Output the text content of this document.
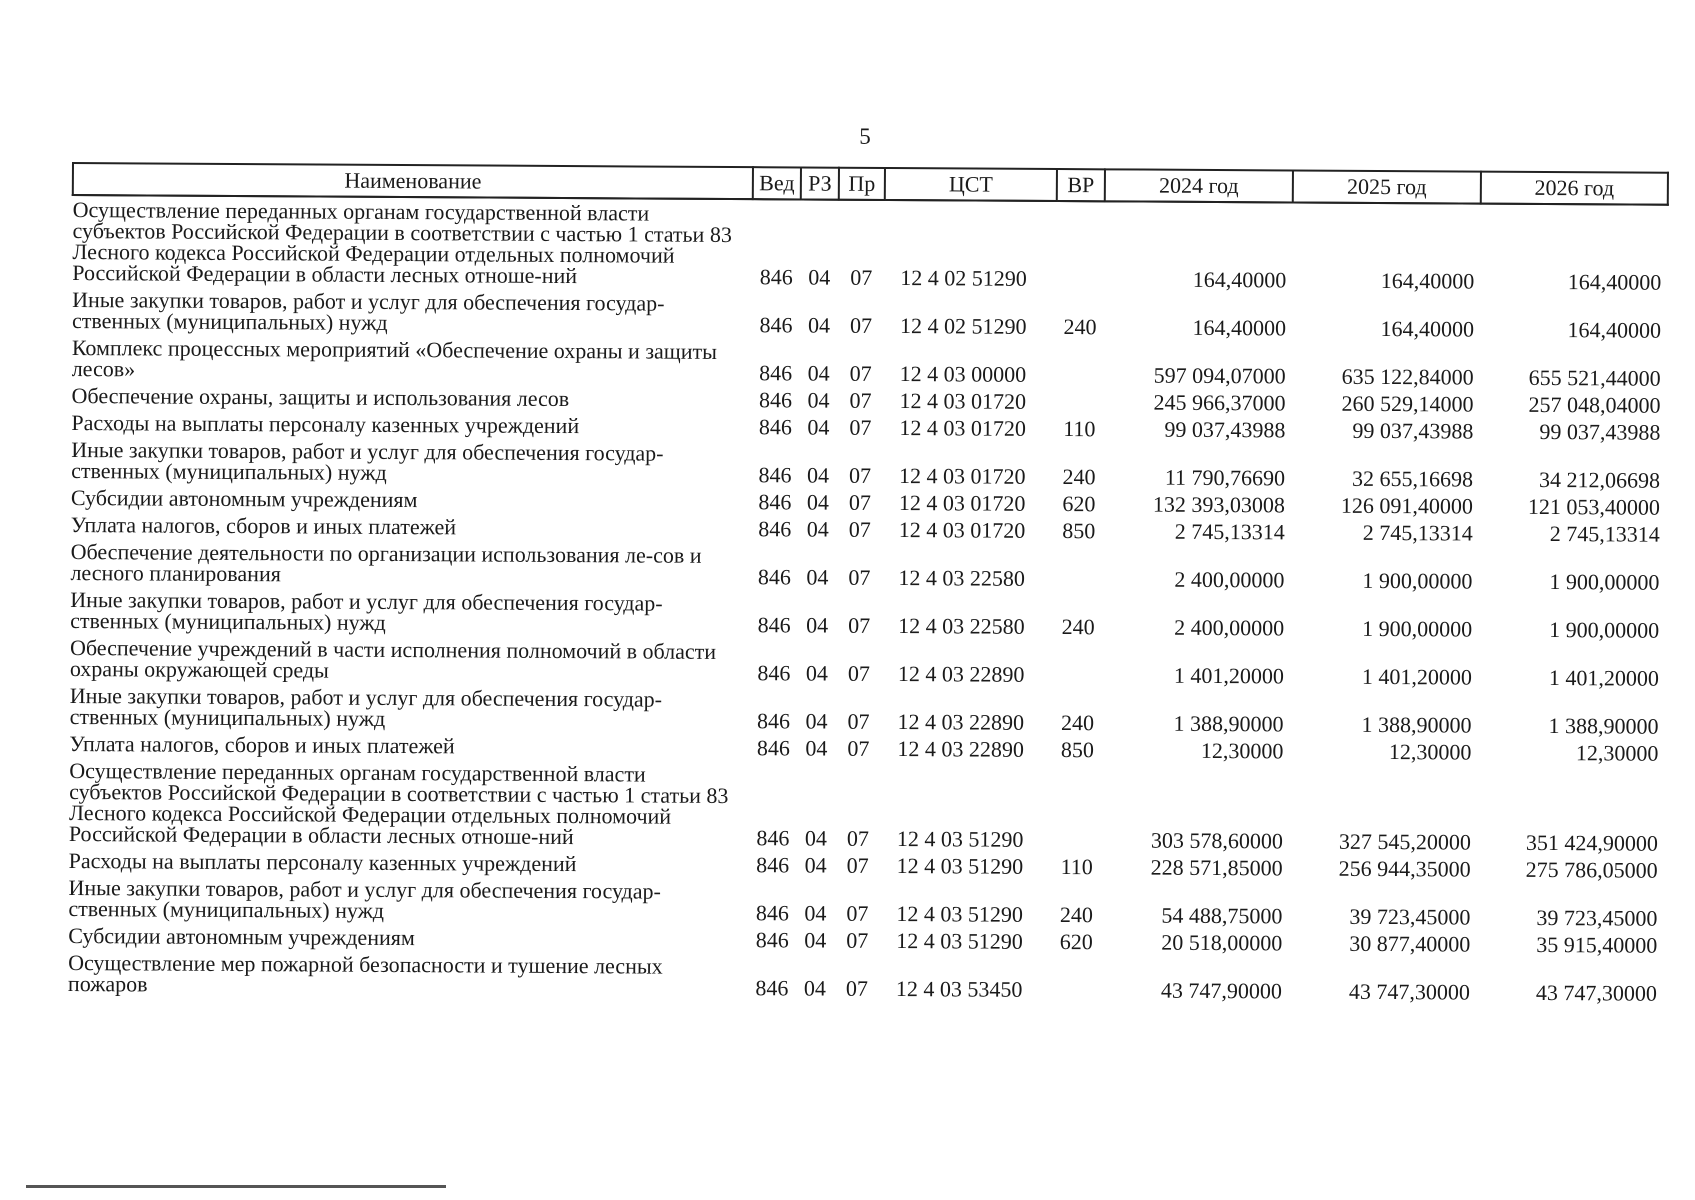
5
Наименование	Вед	РЗ	Пр	ЦСТ	ВР	2024 год	2025 год	2026 год
Осуществление переданных органам государственной власти субъектов Российской Федерации в соответствии с частью 1 статьи 83 Лесного кодекса Российской Федерации отдельных полномочий Российской Федерации в области лесных отноше-ний	846	04	07	12 4 02 51290		164,40000	164,40000	164,40000
Иные закупки товаров, работ и услуг для обеспечения государ-ственных (муниципальных) нужд	846	04	07	12 4 02 51290	240	164,40000	164,40000	164,40000
Комплекс процессных мероприятий «Обеспечение охраны и защиты лесов»	846	04	07	12 4 03 00000		597 094,07000	635 122,84000	655 521,44000
Обеспечение охраны, защиты и использования лесов	846	04	07	12 4 03 01720		245 966,37000	260 529,14000	257 048,04000
Расходы на выплаты персоналу казенных учреждений	846	04	07	12 4 03 01720	110	99 037,43988	99 037,43988	99 037,43988
Иные закупки товаров, работ и услуг для обеспечения государ-ственных (муниципальных) нужд	846	04	07	12 4 03 01720	240	11 790,76690	32 655,16698	34 212,06698
Субсидии автономным учреждениям	846	04	07	12 4 03 01720	620	132 393,03008	126 091,40000	121 053,40000
Уплата налогов, сборов и иных платежей	846	04	07	12 4 03 01720	850	2 745,13314	2 745,13314	2 745,13314
Обеспечение деятельности по организации использования ле-сов и лесного планирования	846	04	07	12 4 03 22580		2 400,00000	1 900,00000	1 900,00000
Иные закупки товаров, работ и услуг для обеспечения государ-ственных (муниципальных) нужд	846	04	07	12 4 03 22580	240	2 400,00000	1 900,00000	1 900,00000
Обеспечение учреждений в части исполнения полномочий в области охраны окружающей среды	846	04	07	12 4 03 22890		1 401,20000	1 401,20000	1 401,20000
Иные закупки товаров, работ и услуг для обеспечения государ-ственных (муниципальных) нужд	846	04	07	12 4 03 22890	240	1 388,90000	1 388,90000	1 388,90000
Уплата налогов, сборов и иных платежей	846	04	07	12 4 03 22890	850	12,30000	12,30000	12,30000
Осуществление переданных органам государственной власти субъектов Российской Федерации в соответствии с частью 1 статьи 83 Лесного кодекса Российской Федерации отдельных полномочий Российской Федерации в области лесных отноше-ний	846	04	07	12 4 03 51290		303 578,60000	327 545,20000	351 424,90000
Расходы на выплаты персоналу казенных учреждений	846	04	07	12 4 03 51290	110	228 571,85000	256 944,35000	275 786,05000
Иные закупки товаров, работ и услуг для обеспечения государ-ственных (муниципальных) нужд	846	04	07	12 4 03 51290	240	54 488,75000	39 723,45000	39 723,45000
Субсидии автономным учреждениям	846	04	07	12 4 03 51290	620	20 518,00000	30 877,40000	35 915,40000
Осуществление мер пожарной безопасности и тушение лесных пожаров	846	04	07	12 4 03 53450		43 747,90000	43 747,30000	43 747,30000
